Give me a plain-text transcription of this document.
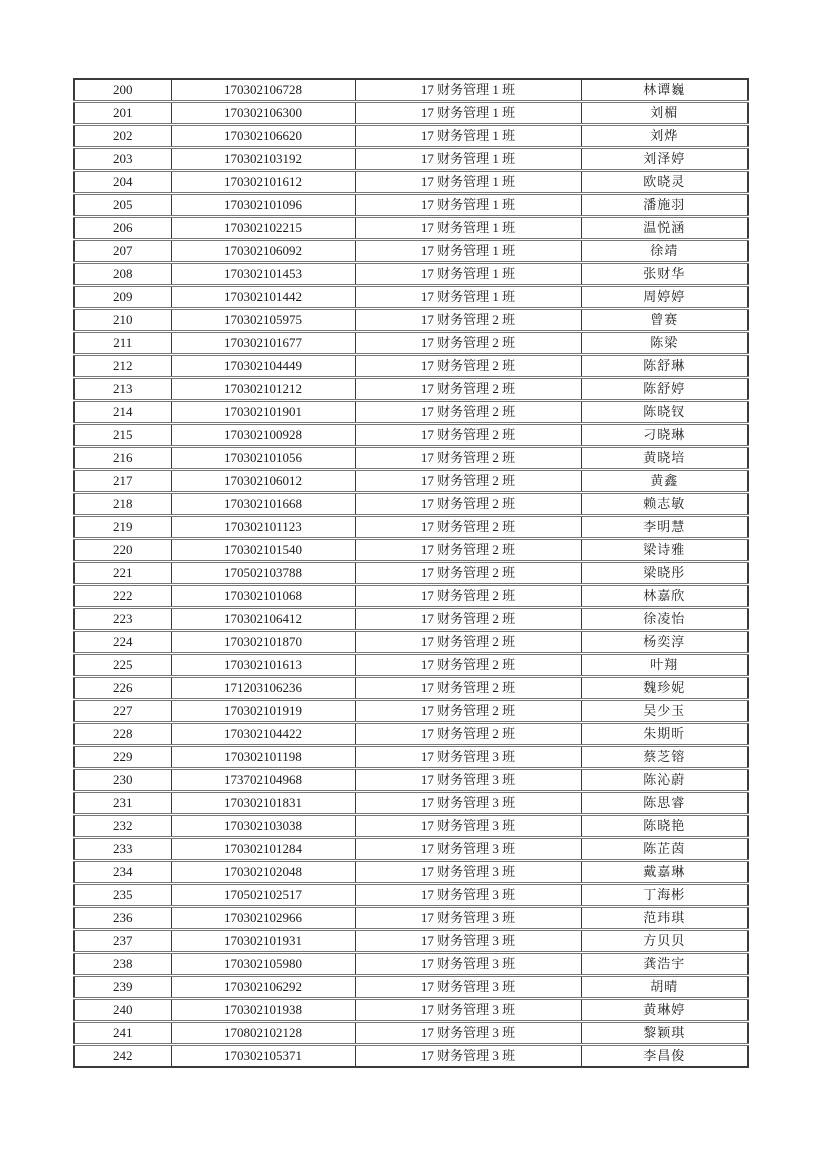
200	170302106728	17 财务管理 1 班	林谭巍
201	170302106300	17 财务管理 1 班	刘楣
202	170302106620	17 财务管理 1 班	刘烨
203	170302103192	17 财务管理 1 班	刘泽婷
204	170302101612	17 财务管理 1 班	欧晓灵
205	170302101096	17 财务管理 1 班	潘施羽
206	170302102215	17 财务管理 1 班	温悦涵
207	170302106092	17 财务管理 1 班	徐靖
208	170302101453	17 财务管理 1 班	张财华
209	170302101442	17 财务管理 1 班	周婷婷
210	170302105975	17 财务管理 2 班	曾赛
211	170302101677	17 财务管理 2 班	陈梁
212	170302104449	17 财务管理 2 班	陈舒琳
213	170302101212	17 财务管理 2 班	陈舒婷
214	170302101901	17 财务管理 2 班	陈晓钗
215	170302100928	17 财务管理 2 班	刁晓琳
216	170302101056	17 财务管理 2 班	黄晓培
217	170302106012	17 财务管理 2 班	黄鑫
218	170302101668	17 财务管理 2 班	赖志敏
219	170302101123	17 财务管理 2 班	李明慧
220	170302101540	17 财务管理 2 班	梁诗雅
221	170502103788	17 财务管理 2 班	梁晓彤
222	170302101068	17 财务管理 2 班	林嘉欣
223	170302106412	17 财务管理 2 班	徐凌怡
224	170302101870	17 财务管理 2 班	杨奕淳
225	170302101613	17 财务管理 2 班	叶翔
226	171203106236	17 财务管理 2 班	魏珍妮
227	170302101919	17 财务管理 2 班	吴少玉
228	170302104422	17 财务管理 2 班	朱期昕
229	170302101198	17 财务管理 3 班	蔡芝镕
230	173702104968	17 财务管理 3 班	陈沁蔚
231	170302101831	17 财务管理 3 班	陈思睿
232	170302103038	17 财务管理 3 班	陈晓艳
233	170302101284	17 财务管理 3 班	陈芷茵
234	170302102048	17 财务管理 3 班	戴嘉琳
235	170502102517	17 财务管理 3 班	丁海彬
236	170302102966	17 财务管理 3 班	范玮琪
237	170302101931	17 财务管理 3 班	方贝贝
238	170302105980	17 财务管理 3 班	龚浩宇
239	170302106292	17 财务管理 3 班	胡晴
240	170302101938	17 财务管理 3 班	黄琳婷
241	170802102128	17 财务管理 3 班	黎颖琪
242	170302105371	17 财务管理 3 班	李昌俊
